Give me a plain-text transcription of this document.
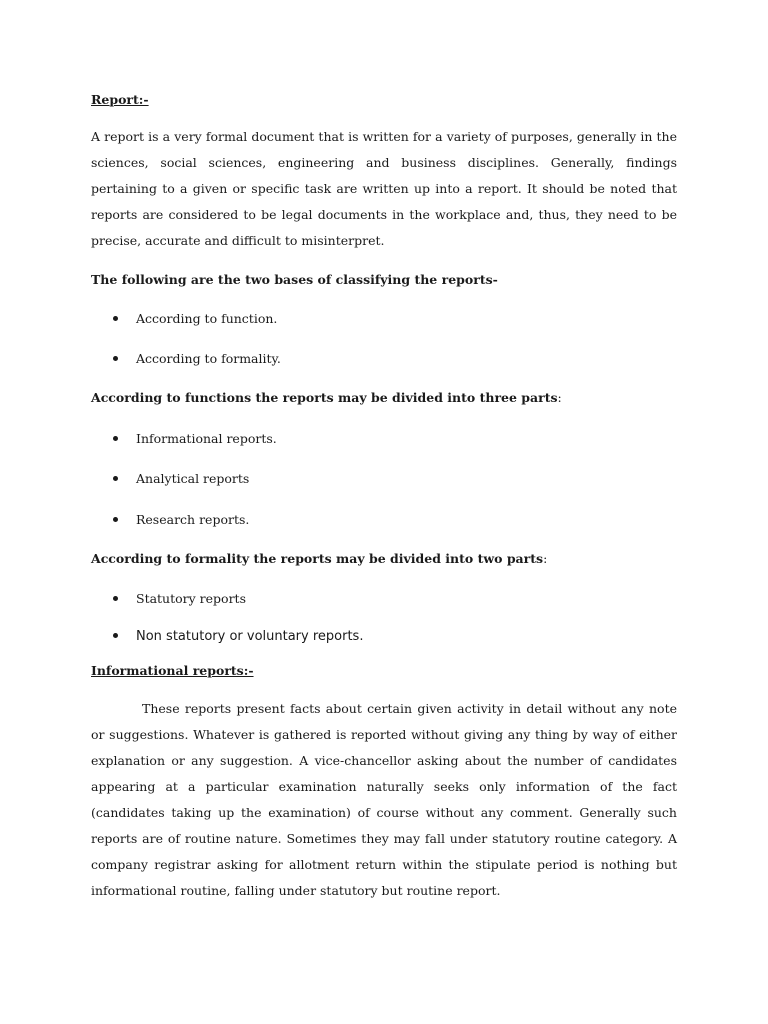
Report:-
A report is a very formal document that is written for a variety of purposes, generally in the sciences, social sciences, engineering and business disciplines. Generally, findings pertaining to a given or specific task are written up into a report. It should be noted that reports are considered to be legal documents in the workplace and, thus, they need to be precise, accurate and difficult to misinterpret.
The following are the two bases of classifying the reports-
According to function.
According to formality.
According to functions the reports may be divided into three parts:
Informational reports.
Analytical reports
Research reports.
According to formality the reports may be divided into two parts:
Statutory reports
Non statutory or voluntary reports.
Informational reports:-
These reports present facts about certain given activity in detail without any note or suggestions. Whatever is gathered is reported without giving any thing by way of either explanation or any suggestion. A vice-chancellor asking about the number of candidates appearing at a particular examination naturally seeks only information of the fact (candidates taking up the examination) of course without any comment. Generally such reports are of routine nature. Sometimes they may fall under statutory routine category. A company registrar asking for allotment return within the stipulate period is nothing but informational routine, falling under statutory but routine report.
